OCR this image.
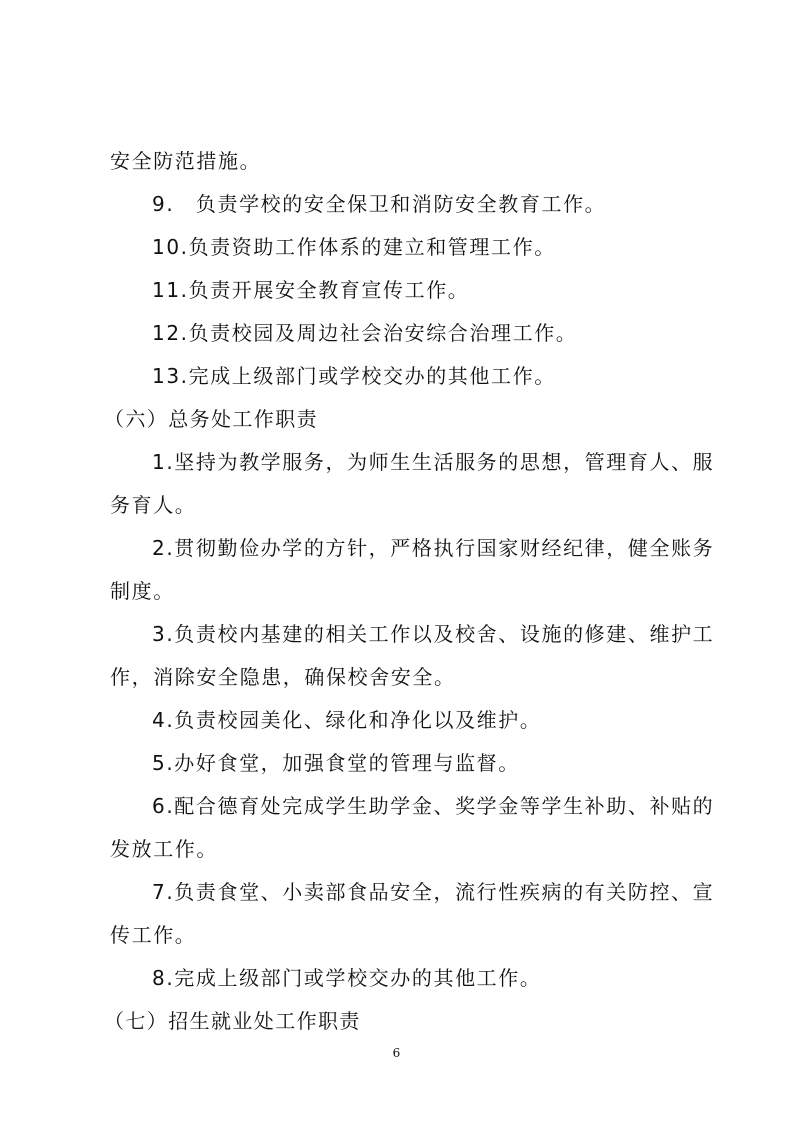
安全防范措施。
9.　负责学校的安全保卫和消防安全教育工作。
10.负责资助工作体系的建立和管理工作。
11.负责开展安全教育宣传工作。
12.负责校园及周边社会治安综合治理工作。
13.完成上级部门或学校交办的其他工作。
（六）总务处工作职责
1.坚持为教学服务，为师生生活服务的思想，管理育人、服
务育人。
2.贯彻勤俭办学的方针，严格执行国家财经纪律，健全账务
制度。
3.负责校内基建的相关工作以及校舍、设施的修建、维护工
作，消除安全隐患，确保校舍安全。
4.负责校园美化、绿化和净化以及维护。
5.办好食堂，加强食堂的管理与监督。
6.配合德育处完成学生助学金、奖学金等学生补助、补贴的
发放工作。
7.负责食堂、小卖部食品安全，流行性疾病的有关防控、宣
传工作。
8.完成上级部门或学校交办的其他工作。
（七）招生就业处工作职责
6
